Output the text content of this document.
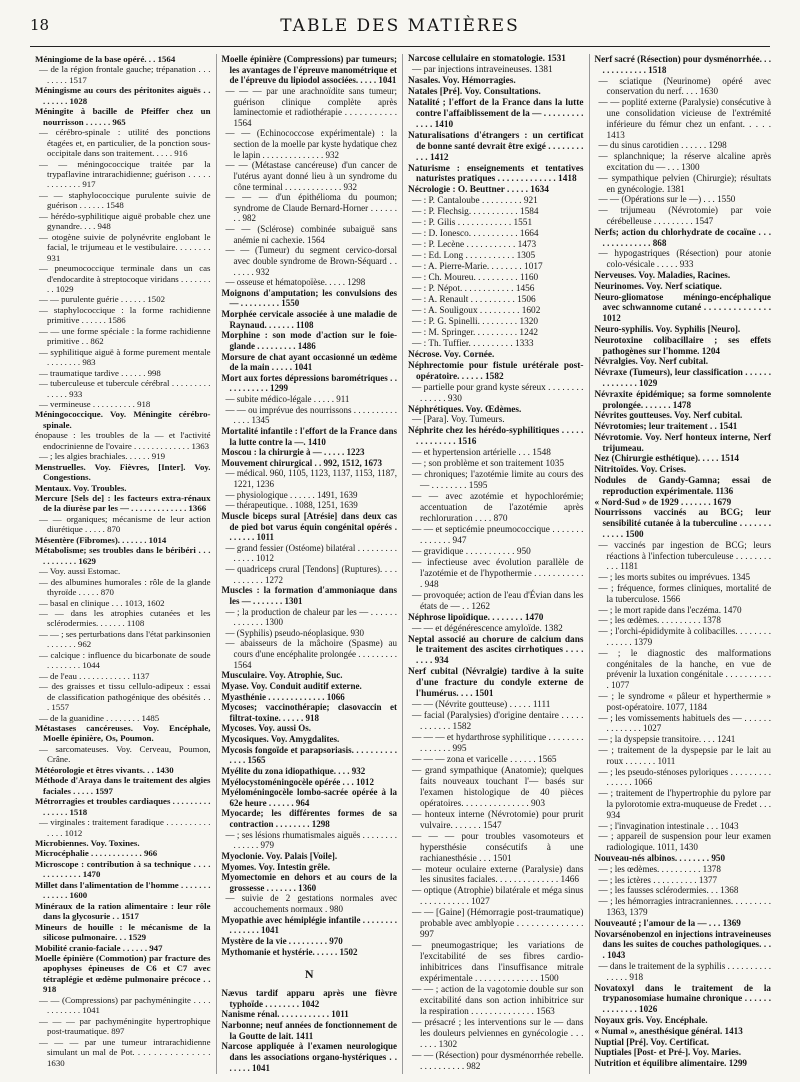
18	TABLE DES MATIÈRES
Méningiome de la base opéré. . . 1564
— de la région frontale gauche; trépanation . . . . . . . . 1517
Méningisme au cours des péritonites aiguës . . . . . . . . 1028
Méningite à bacille de Pfeiffer chez un nourrisson . . . . . . 965
— cérébro-spinale : utilité des ponctions étagées et, en particulier, de la ponction sous-occipitale dans son traitement. . . . . 916
— — méningococcique traitée par la trypaflavine intrarachidienne; guérison . . . . . . . . . . . . . 917
— — staphylococcique purulente suivie de guérison . . . . . . 1548
— hérédo-syphilitique aiguë probable chez une gynandre. . . . 948
— otogène suivie de polynévrite englobant le facial, le trijumeau et le vestibulaire. . . . . . . . 931
— pneumococcique terminale dans un cas d'endocardite à streptocoque viridans . . . . . . . . . 1029
— — purulente guérie . . . . . . 1502
— staphylococcique : la forme rachidienne primitive . . . . . . 1586
— — une forme spéciale : la forme rachidienne primitive . . 862
— syphilitique aiguë à forme purement mentale . . . . . . . . 983
— traumatique tardive . . . . . . 998
— tuberculeuse et tubercule cérébral . . . . . . . . . . . . . . 933
— vermineuse . . . . . . . . . . 918
Méningococcique. Voy. Méningite cérébro-spinale.
énopause : les troubles de la — et l'activité endocrinienne de l'ovaire . . . . . . . . . . . . . 1363
— ; les algies brachiales. . . . . . 919
Menstruelles. Voy. Fièvres, [Inter]. Voy. Congestions.
Mentaux. Voy. Troubles.
Mercure [Sels de] : les facteurs extra-rénaux de la diurèse par les — . . . . . . . . . . . . . 1366
— — organiques; mécanisme de leur action diurétique . . . . . 870
Mésentère (Fibromes). . . . . . . 1014
Métabolisme; ses troubles dans le béribéri . . . . . . . . . . . 1629
— Voy. aussi Estomac.
— des albumines humorales : rôle de la glande thyroïde . . . . . 870
— basal en clinique . . . 1013, 1602
— — dans les atrophies cutanées et les sclérodermies. . . . . . . 1108
— — ; ses perturbations dans l'état parkinsonien . . . . . . . 962
— calcique : influence du bicarbonate de soude . . . . . . . . 1044
— de l'eau . . . . . . . . . . . . 1137
— des graisses et tissu cellulo-adipeux : essai de classification pathogénique des obésités . . . 1557
— de la guanidine . . . . . . . . 1485
Métastases cancéreuses. Voy. Encéphale, Moelle épinière, Os, Poumon.
— sarcomateuses. Voy. Cerveau, Poumon, Crâne.
Météorologie et êtres vivants. . . 1430
Méthode d'Araya dans le traitement des algies faciales . . . . . 1597
Métrorragies et troubles cardiaques . . . . . . . . . . . . . . . 1518
— virginales : traitement faradique . . . . . . . . . . . . . . 1012
Microbiennes. Voy. Toxines.
Microcéphalie . . . . . . . . . . . . 966
Microscope : contribution à sa technique . . . . . . . . . . . . . 1470
Millet dans l'alimentation de l'homme . . . . . . . . . . . . . 1600
Minéraux de la ration alimentaire : leur rôle dans la glycosurie . . 1517
Mineurs de houille : le mécanisme de la silicose pulmonaire. . . 1529
Mobilité cranio-faciale . . . . . . 947
Moelle épinière (Commotion) par fracture des apophyses épineuses de C6 et C7 avec tétraplégie et œdème pulmonaire précoce . . 918
— — (Compressions) par pachyméningite . . . . . . . . . . . . 1041
— — — par pachyméningite hypertrophique post-traumatique. 897
— — — par une tumeur intrarachidienne simulant un mal de Pot. . . . . . . . . . . . . . . 1630
Moelle épinière (Compressions) par tumeurs; les avantages de l'épreuve manométrique et de l'épreuve du lipiodol associées. . . . . 1041
— — — par une arachnoïdite sans tumeur; guérison clinique complète après laminectomie et radiothérapie . . . . . . . . . . . 1564
— — (Echinococcose expérimentale) : la section de la moelle par kyste hydatique chez le lapin . . . . . . . . . . . . . . 932
— — (Métastase cancéreuse) d'un cancer de l'utérus ayant donné lieu à un syndrome du cône terminal . . . . . . . . . . . . . 932
— — — d'un épithélioma du poumon; syndrome de Claude Bernard-Horner . . . . . . . . 982
— — (Sclérose) combinée subaiguë sans anémie ni cachexie. 1564
— — (Tumeur) du segment cervico-dorsal avec double syndrome de Brown-Séquard . . . . . . . 932
— osseuse et hématopoïèse. . . . . 1298
Moignons d'amputation; les convulsions des — . . . . . . . . . 1550
Morphée cervicale associée à une maladie de Raynaud. . . . . . . 1108
Morphine : son mode d'action sur le foie-glande . . . . . . . . . 1486
Morsure de chat ayant occasionné un œdème de la main . . . . . 1041
Mort aux fortes dépressions barométriques . . . . . . . . . . . 1299
— subite médico-légale . . . . . 911
— — ou imprévue des nourrissons . . . . . . . . . . . . . . 1345
Mortalité infantile : l'effort de la France dans la lutte contre la —. 1410
Moscou : la chirurgie à — . . . . . 1223
Mouvement chirurgical . . 992, 1512, 1673
— médical. 960, 1105, 1123, 1137, 1153, 1187, 1221, 1236
— physiologique . . . . . . 1491, 1639
— thérapeutique. . 1088, 1251, 1639
Muscle biceps sural [Atrésie] dans deux cas de pied bot varus équin congénital opérés . . . . . . . 1011
— grand fessier (Ostéome) bilatéral . . . . . . . . . . . . . . 1012
— quadriceps crural [Tendons] (Ruptures). . . . . . . . . . . 1272
Muscles : la formation d'ammoniaque dans les — . . . . . . . 1301
— ; la production de chaleur par les — . . . . . . . . . . . . . 1300
— (Syphilis) pseudo-néoplasique. 930
— abaisseurs de la mâchoire (Spasme) au cours d'une encéphalite prolongée . . . . . . . . . 1564
Musculaire. Voy. Atrophie, Suc.
Myase. Voy. Conduit auditif externe.
Myasthénie . . . . . . . . . . . . . 1066
Mycoses; vaccinothérapie; clasovaccin et filtrat-toxine. . . . . . 918
Mycoses. Voy. aussi Os.
Mycosiques. Voy. Amygdalites.
Mycosis fongoïde et parapsoriasis. . . . . . . . . . . . . . 1565
Myélite du zona idiopathique. . . . 932
Myélocystoméningocèle opérée . . . 1012
Myéloméningocèle lombo-sacrée opérée à la 62e heure . . . . . . 964
Myocarde; les différentes formes de sa contraction . . . . . . . . 1298
— ; ses lésions rhumatismales aiguës . . . . . . . . . . . . . . 979
Myoclonie. Voy. Palais [Voile].
Myomes. Voy. Intestin grêle.
Myomectomie en dehors et au cours de la grossesse . . . . . . . 1360
— suivie de 2 gestations normales avec accouchements normaux . 980
Myopathie avec hémiplégie infantile . . . . . . . . . . . . . . . 1041
Mystère de la vie . . . . . . . . . 970
Mythomanie et hystérie. . . . . . 1502
N
Nævus tardif apparu après une fièvre typhoïde . . . . . . . . 1042
Nanisme rénal. . . . . . . . . . . . 1011
Narbonne; neuf années de fonctionnement de la Goutte de lait. 1411
Narcose appliquée à l'examen neurologique dans les associations organo-hystériques . . . . . . . 1041
Narcose cellulaire en stomatologie. 1531
— par injections intraveineuses. 1381
Nasales. Voy. Hémorragies.
Natales [Pré]. Voy. Consultations.
Natalité ; l'effort de la France dans la lutte contre l'affaiblissement de la — . . . . . . . . . . . . . 1410
Naturalisations d'étrangers : un certificat de bonne santé devrait être exigé . . . . . . . . . . . 1412
Naturisme : enseignements et tentatives naturistes pratiques . . . . . . . . . . . . . 1418
Nécrologie : O. Beuttner . . . . . 1634
— : P. Cantaloube . . . . . . . . . 921
— : P. Flechsig. . . . . . . . . . . 1584
— : P. Gilis . . . . . . . . . . . . 1551
— : D. Ionesco. . . . . . . . . . . 1664
— : P. Lecène . . . . . . . . . . . 1473
— : Ed. Long . . . . . . . . . . . 1305
— : A. Pierre-Marie. . . . . . . . 1017
— : Ch. Moureu. . . . . . . . . . 1160
— : P. Népot. . . . . . . . . . . . 1456
— : A. Renault . . . . . . . . . . 1506
— : A. Souligoux . . . . . . . . . 1602
— : P. G. Spinelli. . . . . . . . . 1320
— : M. Springer. . . . . . . . . . 1242
— : Th. Tuffier. . . . . . . . . . 1333
Nécrose. Voy. Cornée.
Néphrectomie pour fistule urétérale post-opératoire. . . . . . 1582
— partielle pour grand kyste séreux . . . . . . . . . . . . . . 930
Néphrétiques. Voy. Œdèmes.
— [Para]. Voy. Tumeurs.
Néphrite chez les hérédo-syphilitiques . . . . . . . . . . . . . . 1516
— et hypertension artérielle . . . 1548
— ; son problème et son traitement 1035
— chroniques; l'azotémie limite au cours des — . . . . . . . . 1595
— — avec azotémie et hypochlorémie; accentuation de l'azotémie après rechloruration . . . . 870
— — et septicémie pneumococcique . . . . . . . . . . . . . . 947
— gravidique . . . . . . . . . . . 950
— infectieuse avec évolution parallèle de l'azotémie et de l'hypothermie . . . . . . . . . . . . 948
— provoquée; action de l'eau d'Évian dans les états de — . . 1262
Néphrose lipoïdique. . . . . . . . 1470
— — et dégénérescence amyloïde. 1382
Neptal associé au chorure de calcium dans le traitement des ascites cirrhotiques . . . . . . . . 934
Nerf cubital (Névralgie) tardive à la suite d'une fracture du condyle externe de l'humérus. . . . 1501
— — (Névrite goutteuse) . . . . . 1111
— facial (Paralysies) d'origine dentaire . . . . . . . . . . . . 1582
— — — et hydarthrose syphilitique . . . . . . . . . . . . . . . 995
— — — zona et varicelle . . . . . . 1565
— grand sympathique (Anatomie); quelques faits nouveaux touchant l'— basés sur l'examen histologique de 40 pièces opératoires. . . . . . . . . . . . . . . 903
— honteux interne (Névrotomie) pour prurit vulvaire. . . . . . . 1547
— — — pour troubles vasomoteurs et hypersthésie consécutifs à une rachianesthésie . . . 1501
— moteur oculaire externe (Paralysie) dans les sinusites faciales. . . . . . . . . . . . . . 1466
— optique (Atrophie) bilatérale et méga sinus . . . . . . . . . . . 1027
— — [Gaine] (Hémorragie post-traumatique) probable avec amblyopie . . . . . . . . . . . . . . 997
— pneumogastrique; les variations de l'excitabilité de ses fibres cardio-inhibitrices dans l'insuffisance mitrale expérimentale . . . . . . . . . . . . . . 1500
— — ; action de la vagotomie double sur son excitabilité dans son action inhibitrice sur la respiration . . . . . . . . . . . . . . 1563
— présacré ; les interventions sur le — dans les douleurs pelviennes en gynécologie . . . . . . . 1302
— — (Résection) pour dysménorrhée rebelle. . . . . . . . . . . 982
Nerf sacré (Résection) pour dysménorrhée. . . . . . . . . . . . . 1518
— sciatique (Neurinome) opéré avec conservation du nerf. . . . 1630
— — poplité externe (Paralysie) consécutive à une consolidation vicieuse de l'extrémité inférieure du fémur chez un enfant. . . . . 1413
— du sinus carotidien . . . . . . 1298
— splanchnique; la réserve alcaline après excitation du — . . . 1300
— sympathique pelvien (Chirurgie); résultats en gynécologie. 1381
— — (Opérations sur le —) . . . 1550
— trijumeau (Névrotomie) par voie cérébelleuse . . . . . . . . . 1547
Nerfs; action du chlorhydrate de cocaïne . . . . . . . . . . . . . . 868
— hypogastriques (Résection) pour atonie colo-vésicale . . . . . 933
Nerveuses. Voy. Maladies, Racines.
Neurinomes. Voy. Nerf sciatique.
Neuro-gliomatose méningo-encéphalique avec schwannome cutané . . . . . . . . . . . . . . 1012
Neuro-syphilis. Voy. Syphilis [Neuro].
Neurotoxine colibacillaire ; ses effets pathogènes sur l'homme. 1204
Névralgies. Voy. Nerf cubital.
Névraxe (Tumeurs), leur classification . . . . . . . . . . . . . . 1029
Névraxite épidémique; sa forme somnolente prolongée. . . . . . . 1478
Névrites goutteuses. Voy. Nerf cubital.
Névrotomies; leur traitement . . 1541
Névrotomie. Voy. Nerf honteux interne, Nerf trijumeau.
Nez (Chirurgie esthétique). . . . . 1514
Nitritoïdes. Voy. Crises.
Nodules de Gandy-Gamna; essai de reproduction expérimentale. 1136
« Nord-Sud » de 1929 . . . . . . . 1679
Nourrissons vaccinés au BCG; leur sensibilité cutanée à la tuberculine . . . . . . . . . . . . 1500
— vaccinés par ingestion de BCG; leurs réactions à l'infection tuberculeuse . . . . . . . . . . . 1181
— ; les morts subites ou imprévues. 1345
— ; fréquence, formes cliniques, mortalité de la tuberculose. 1566
— ; le mort rapide dans l'eczéma. 1470
— ; les œdèmes. . . . . . . . . . 1378
— ; l'orchi-épididymite à colibacilles. . . . . . . . . . . . . . 1379
— ; le diagnostic des malformations congénitales de la hanche, en vue de prévenir la luxation congénitale . . . . . . . . . . . 1077
— ; le syndrome « pâleur et hyperthermie » post-opératoire. 1077, 1184
— ; les vomissements habituels des — . . . . . . . . . . . . . . 1027
— ; la dyspepsie transitoire. . . . 1241
— ; traitement de la dyspepsie par le lait au roux . . . . . . . 1011
— ; les pseudo-sténoses pyloriques . . . . . . . . . . . . . . . 1066
— ; traitement de l'hypertrophie du pylore par la pylorotomie extra-muqueuse de Fredet . . . 934
— ; l'invagination intestinale . . . 1043
— ; appareil de suspension pour leur examen radiologique. 1011, 1430
Nouveau-nés albinos. . . . . . . . 950
— ; les œdèmes. . . . . . . . . . 1378
— ; les ictères . . . . . . . . . . 1377
— ; les fausses sclérodermies. . . 1368
— ; les hémorragies intracraniennes. . . . . . . . . 1363, 1379
Nouveauté ; l'amour de la — . . . 1369
Novarsénobenzol en injections intraveineuses dans les suites de couches pathologiques. . . . 1043
— dans le traitement de la syphilis . . . . . . . . . . . . . . . 918
Novatoxyl dans le traitement de la trypanosomiase humaine chronique . . . . . . . . . . . . . . 1026
Noyaux gris. Voy. Encéphale.
« Numal », anesthésique général. 1413
Nuptial [Pré]. Voy. Certificat.
Nuptiales [Post- et Pré-]. Voy. Maries.
Nutrition et équilibre alimentaire. 1299
